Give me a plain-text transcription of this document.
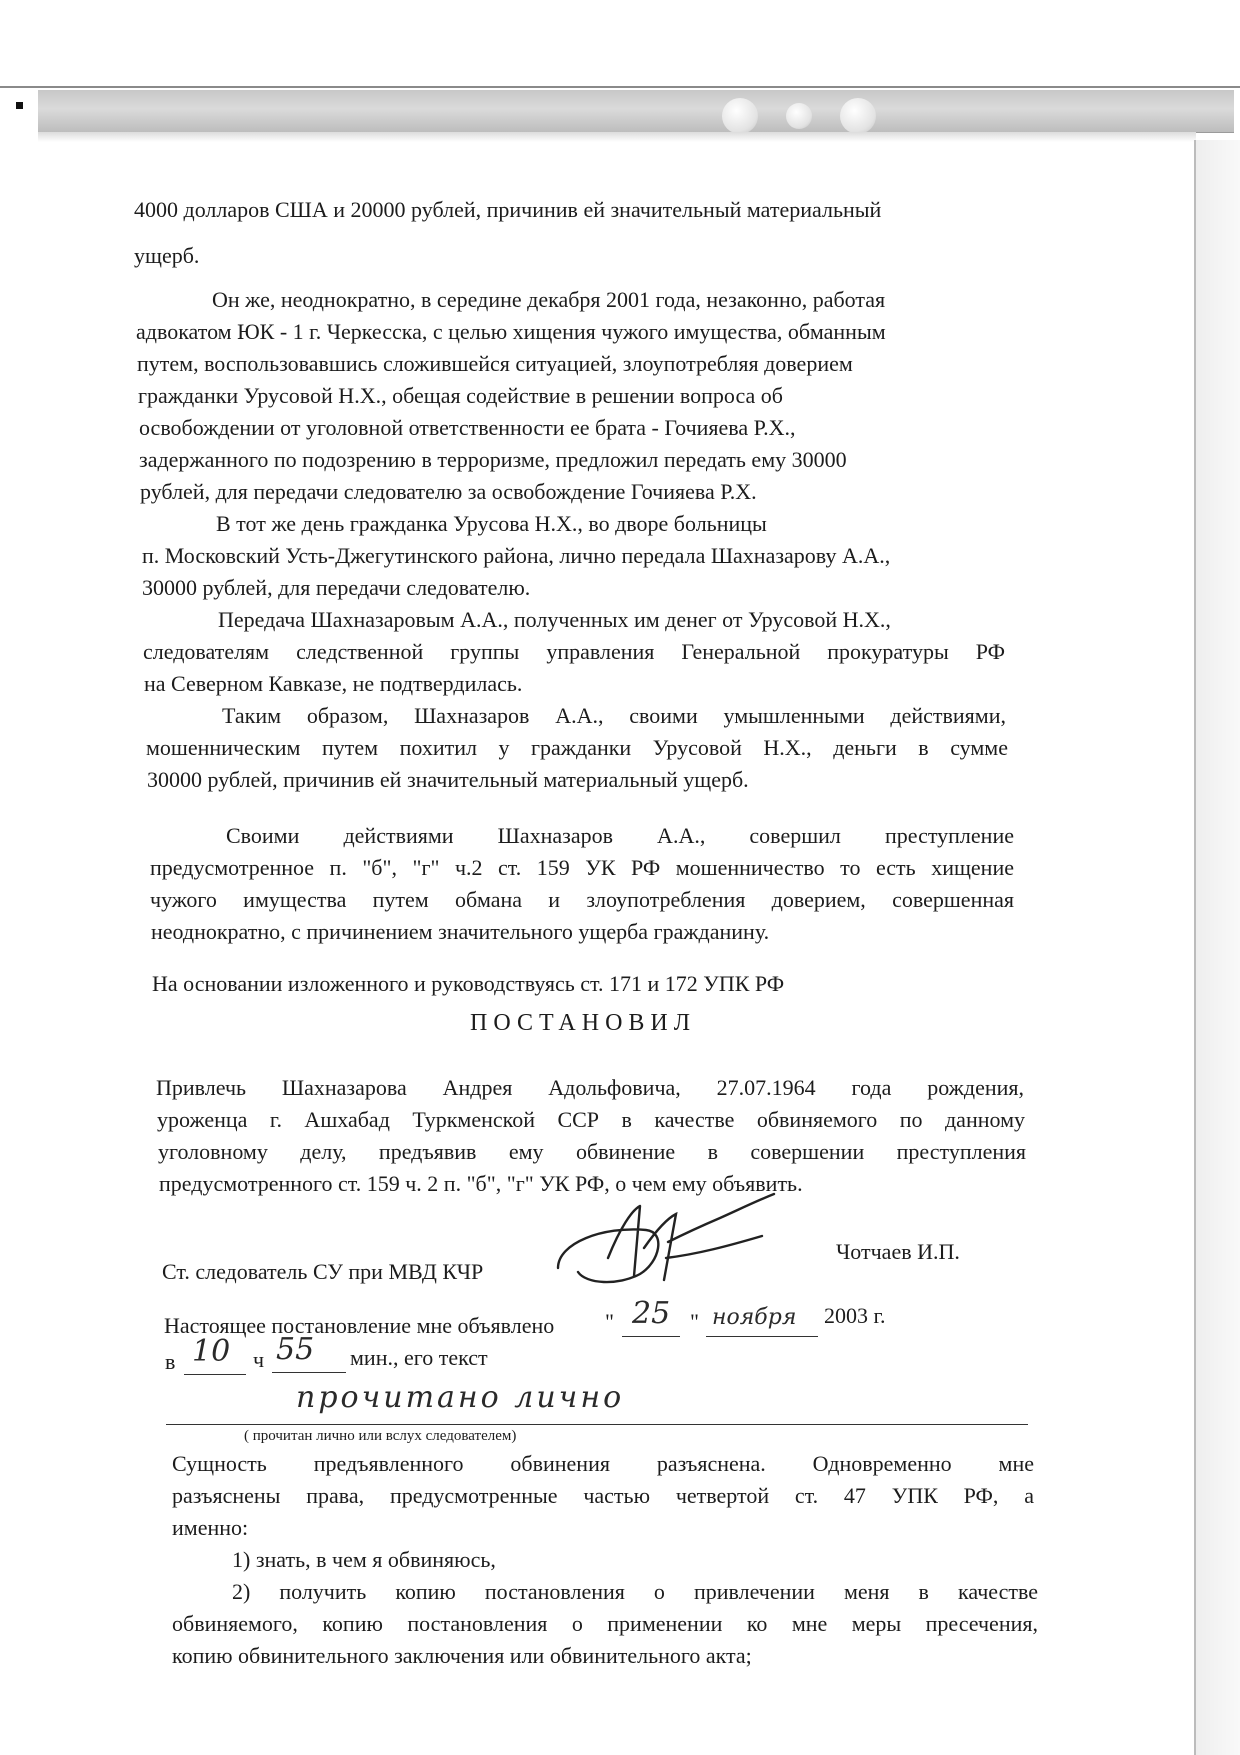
4000 долларов США и 20000 рублей, причинив ей значительный материальный
ущерб.
Он же, неоднократно, в середине декабря 2001 года, незаконно, работая
адвокатом ЮК - 1 г. Черкесска, с целью хищения чужого имущества, обманным
путем, воспользовавшись сложившейся ситуацией, злоупотребляя доверием
гражданки Урусовой Н.Х., обещая содействие в решении вопроса об
освобождении от уголовной ответственности ее брата - Гочияева Р.Х.,
задержанного по подозрению в терроризме, предложил передать ему 30000
рублей, для передачи следователю за освобождение Гочияева Р.Х.
В тот же день гражданка Урусова Н.Х., во дворе больницы
п. Московский Усть-Джегутинского района, лично передала Шахназарову А.А.,
30000 рублей, для передачи следователю.
Передача Шахназаровым А.А., полученных им денег от Урусовой Н.Х.,
следователям следственной группы управления Генеральной прокуратуры РФ
на Северном Кавказе, не подтвердилась.
Таким образом, Шахназаров А.А., своими умышленными действиями,
мошенническим путем похитил у гражданки Урусовой Н.Х., деньги в сумме
30000 рублей, причинив ей значительный материальный ущерб.
Своими действиями Шахназаров А.А., совершил преступление
предусмотренное п. "б", "г" ч.2 ст. 159 УК РФ мошенничество то есть хищение
чужого имущества путем обмана и злоупотребления доверием, совершенная
неоднократно, с причинением значительного ущерба гражданину.
На основании изложенного и руководствуясь ст. 171 и 172 УПК РФ
ПОСТАНОВИЛ
Привлечь Шахназарова Андрея Адольфовича, 27.07.1964 года рождения,
уроженца г. Ашхабад Туркменской ССР в качестве обвиняемого по данному
уголовному делу, предъявив ему обвинение в совершении преступления
предусмотренного ст. 159 ч. 2 п. "б", "г" УК РФ, о чем ему объявить.
Ст. следователь СУ при МВД КЧР
Чотчаев И.П.
Настоящее постановление мне объявлено " 25 " ноября 2003 г.
в 10 ч 55 мин., его текст
прочитано лично
( прочитан лично или вслух следователем)
Сущность предъявленного обвинения разъяснена. Одновременно мне
разъяснены права, предусмотренные частью четвертой ст. 47 УПК РФ, а
именно:
1) знать, в чем я обвиняюсь,
2) получить копию постановления о привлечении меня в качестве
обвиняемого, копию постановления о применении ко мне меры пресечения,
копию обвинительного заключения или обвинительного акта;
